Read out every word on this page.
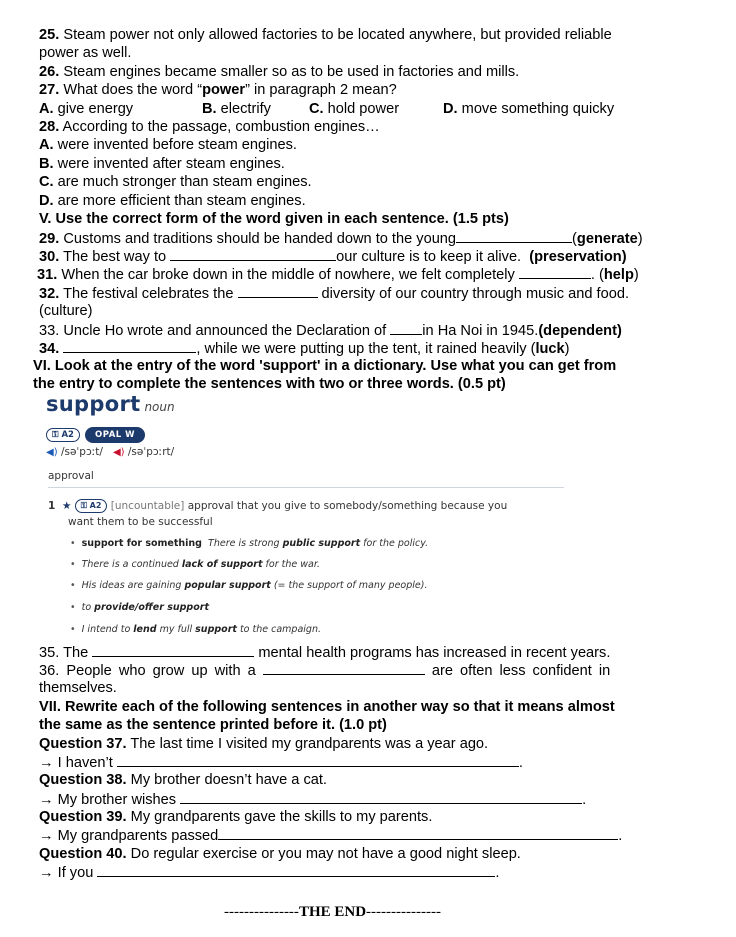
25. Steam power not only allowed factories to be located anywhere, but provided reliable
power as well.
26. Steam engines became smaller so as to be used in factories and mills.
27. What does the word “power” in paragraph 2 mean?
A. give energy	B. electrify	C. hold power	D. move something quicky
28. According to the passage, combustion engines…
A. were invented before steam engines.
B. were invented after steam engines.
C. are much stronger than steam engines.
D. are more efficient than steam engines.
V. Use the correct form of the word given in each sentence. (1.5 pts)
29. Customs and traditions should be handed down to the young	(generate)
30. The best way to	our culture is to keep it alive. (preservation)
31. When the car broke down in the middle of nowhere, we felt completely	. (help)
32. The festival celebrates the	diversity of our country through music and food.
(culture)
33. Uncle Ho wrote and announced the Declaration of in Ha Noi in 1945.(dependent)
34.	, while we were putting up the tent, it rained heavily (luck)
VI. Look at the entry of the word 'support' in a dictionary. Use what you can get from
the entry to complete the sentences with two or three words. (0.5 pt)
support noun
⚿ A2 OPAL W
◀) /səˈpɔːt/ ◀) /səˈpɔːrt/
approval
1 ★ ⚿ A2 [uncountable] approval that you give to somebody/something because you
want them to be successful
• support for something There is strong public support for the policy.
• There is a continued lack of support for the war.
• His ideas are gaining popular support (= the support of many people).
• to provide/offer support
• I intend to lend my full support to the campaign.
35. The	mental health programs has increased in recent years.
36. People who grow up with a	are often less confident in
themselves.
VII. Rewrite each of the following sentences in another way so that it means almost
the same as the sentence printed before it. (1.0 pt)
Question 37. The last time I visited my grandparents was a year ago.
→ I haven’t	.
Question 38. My brother doesn’t have a cat.
→ My brother wishes	.
Question 39. My grandparents gave the skills to my parents.
→ My grandparents passed	.
Question 40. Do regular exercise or you may not have a good night sleep.
→ If you	.
---------------THE END---------------
